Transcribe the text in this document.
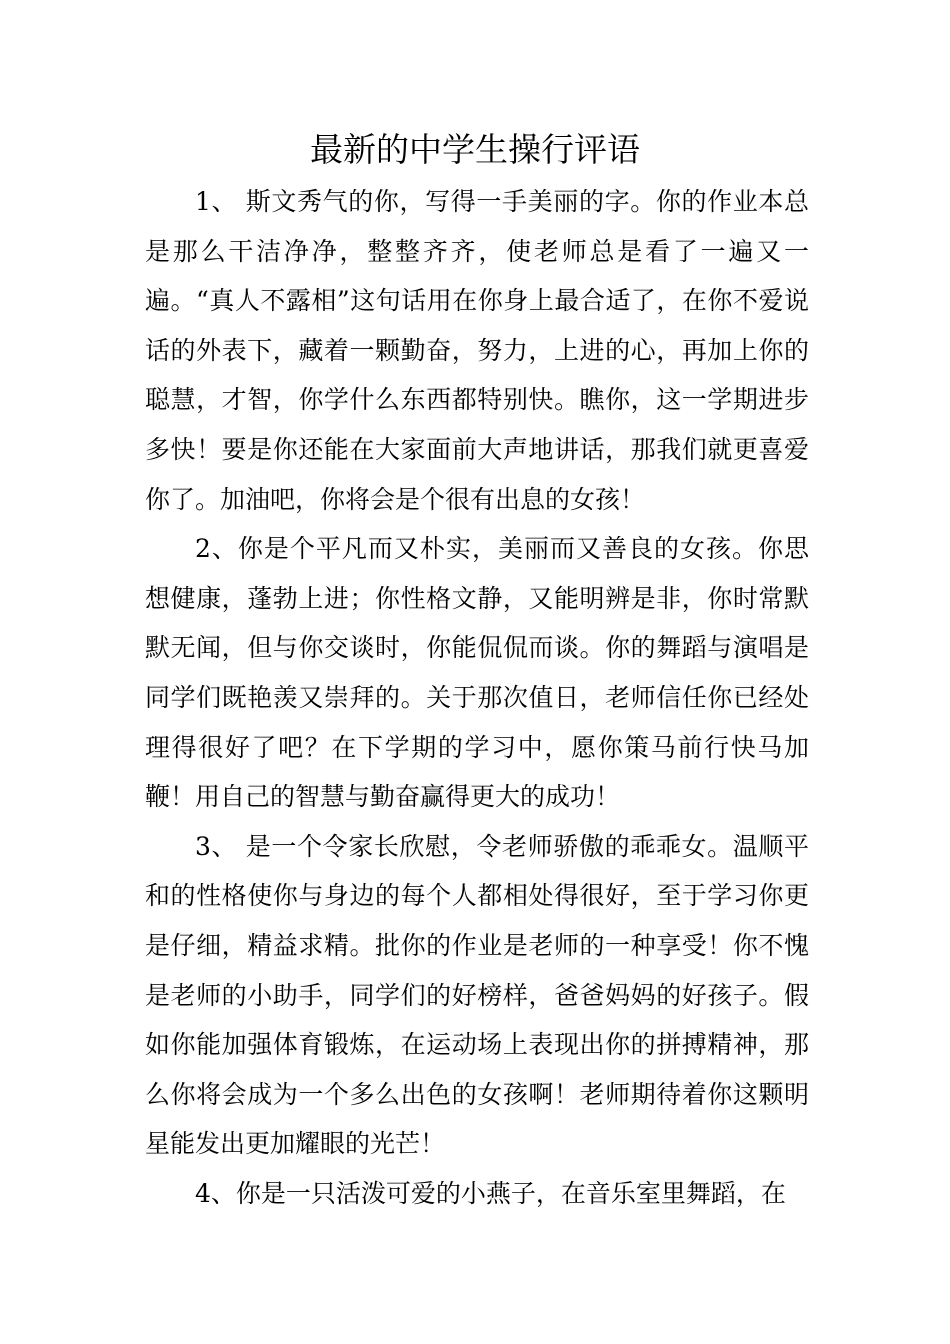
最新的中学生操行评语

1、 斯文秀气的你，写得一手美丽的字。你的作业本总是那么干洁净净，整整齐齐，使老师总是看了一遍又一遍。“真人不露相”这句话用在你身上最合适了，在你不爱说话的外表下，藏着一颗勤奋，努力，上进的心，再加上你的聪慧，才智，你学什么东西都特别快。瞧你，这一学期进步多快！要是你还能在大家面前大声地讲话，那我们就更喜爱你了。加油吧，你将会是个很有出息的女孩！

2、你是个平凡而又朴实，美丽而又善良的女孩。你思想健康，蓬勃上进；你性格文静，又能明辨是非，你时常默默无闻，但与你交谈时，你能侃侃而谈。你的舞蹈与演唱是同学们既艳羡又崇拜的。关于那次值日，老师信任你已经处理得很好了吧？在下学期的学习中，愿你策马前行快马加鞭！用自己的智慧与勤奋赢得更大的成功！

3、 是一个令家长欣慰，令老师骄傲的乖乖女。温顺平和的性格使你与身边的每个人都相处得很好，至于学习你更是仔细，精益求精。批你的作业是老师的一种享受！你不愧是老师的小助手，同学们的好榜样，爸爸妈妈的好孩子。假如你能加强体育锻炼，在运动场上表现出你的拼搏精神，那么你将会成为一个多么出色的女孩啊！老师期待着你这颗明星能发出更加耀眼的光芒！

4、你是一只活泼可爱的小燕子，在音乐室里舞蹈，在
